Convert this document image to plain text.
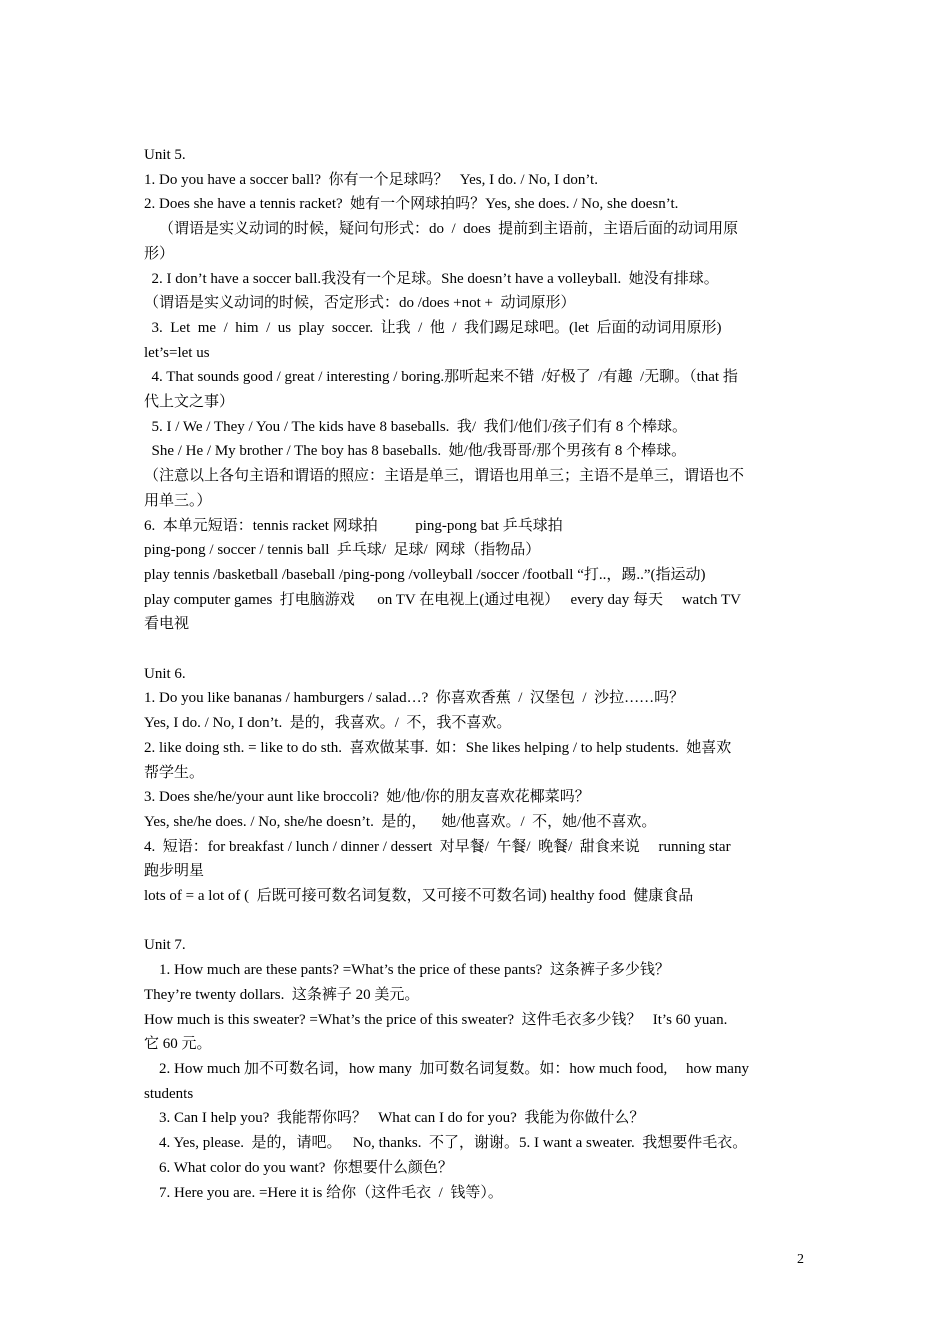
Unit 5.
1. Do you have a soccer ball?  你有一个足球吗？   Yes, I do. / No, I don’t.
2. Does she have a tennis racket?  她有一个网球拍吗？Yes, she does. / No, she doesn’t.
（谓语是实义动词的时候，疑问句形式：do  /  does  提前到主语前，主语后面的动词用原
形）
2. I don’t have a soccer ball.我没有一个足球。She doesn’t have a volleyball.  她没有排球。
（谓语是实义动词的时候，否定形式：do /does +not +  动词原形）
3.  Let  me  /  him  /  us  play  soccer.  让我  /  他  /  我们踢足球吧。(let  后面的动词用原形)
let’s=let us
4. That sounds good / great / interesting / boring.那听起来不错  /好极了  /有趣  /无聊。（that 指
代上文之事）
5. I / We / They / You / The kids have 8 baseballs.  我/  我们/他们/孩子们有 8 个棒球。
She / He / My brother / The boy has 8 baseballs.  她/他/我哥哥/那个男孩有 8 个棒球。
（注意以上各句主语和谓语的照应：主语是单三，谓语也用单三；主语不是单三，谓语也不
用单三。）
6.  本单元短语：tennis racket 网球拍          ping-pong bat 乒乓球拍
ping-pong / soccer / tennis ball  乒乓球/  足球/  网球（指物品）
play tennis /basketball /baseball /ping-pong /volleyball /soccer /football “打..，踢..”(指运动)
play computer games  打电脑游戏      on TV 在电视上(通过电视）   every day 每天     watch TV
看电视
Unit 6.
1. Do you like bananas / hamburgers / salad…?  你喜欢香蕉  /  汉堡包  /  沙拉……吗？
Yes, I do. / No, I don’t.  是的，我喜欢。/  不，我不喜欢。
2. like doing sth. = like to do sth.  喜欢做某事.  如：She likes helping / to help students.  她喜欢
帮学生。
3. Does she/he/your aunt like broccoli?  她/他/你的朋友喜欢花椰菜吗？
Yes, she/he does. / No, she/he doesn’t.  是的，    她/他喜欢。/  不，她/他不喜欢。
4.  短语：for breakfast / lunch / dinner / dessert  对早餐/  午餐/  晚餐/  甜食来说     running star
跑步明星
lots of = a lot of (  后既可接可数名词复数，又可接不可数名词) healthy food  健康食品
Unit 7.
1. How much are these pants? =What’s the price of these pants?  这条裤子多少钱？
They’re twenty dollars.  这条裤子 20 美元。
How much is this sweater? =What’s the price of this sweater?  这件毛衣多少钱？   It’s 60 yuan.
它 60 元。
2. How much 加不可数名词，how many  加可数名词复数。如：how much food,     how many
students
3. Can I help you?  我能帮你吗？   What can I do for you?  我能为你做什么？
4. Yes, please.  是的，请吧。   No, thanks.  不了，谢谢。5. I want a sweater.  我想要件毛衣。
6. What color do you want?  你想要什么颜色？
7. Here you are. =Here it is 给你（这件毛衣  /  钱等）。
2
